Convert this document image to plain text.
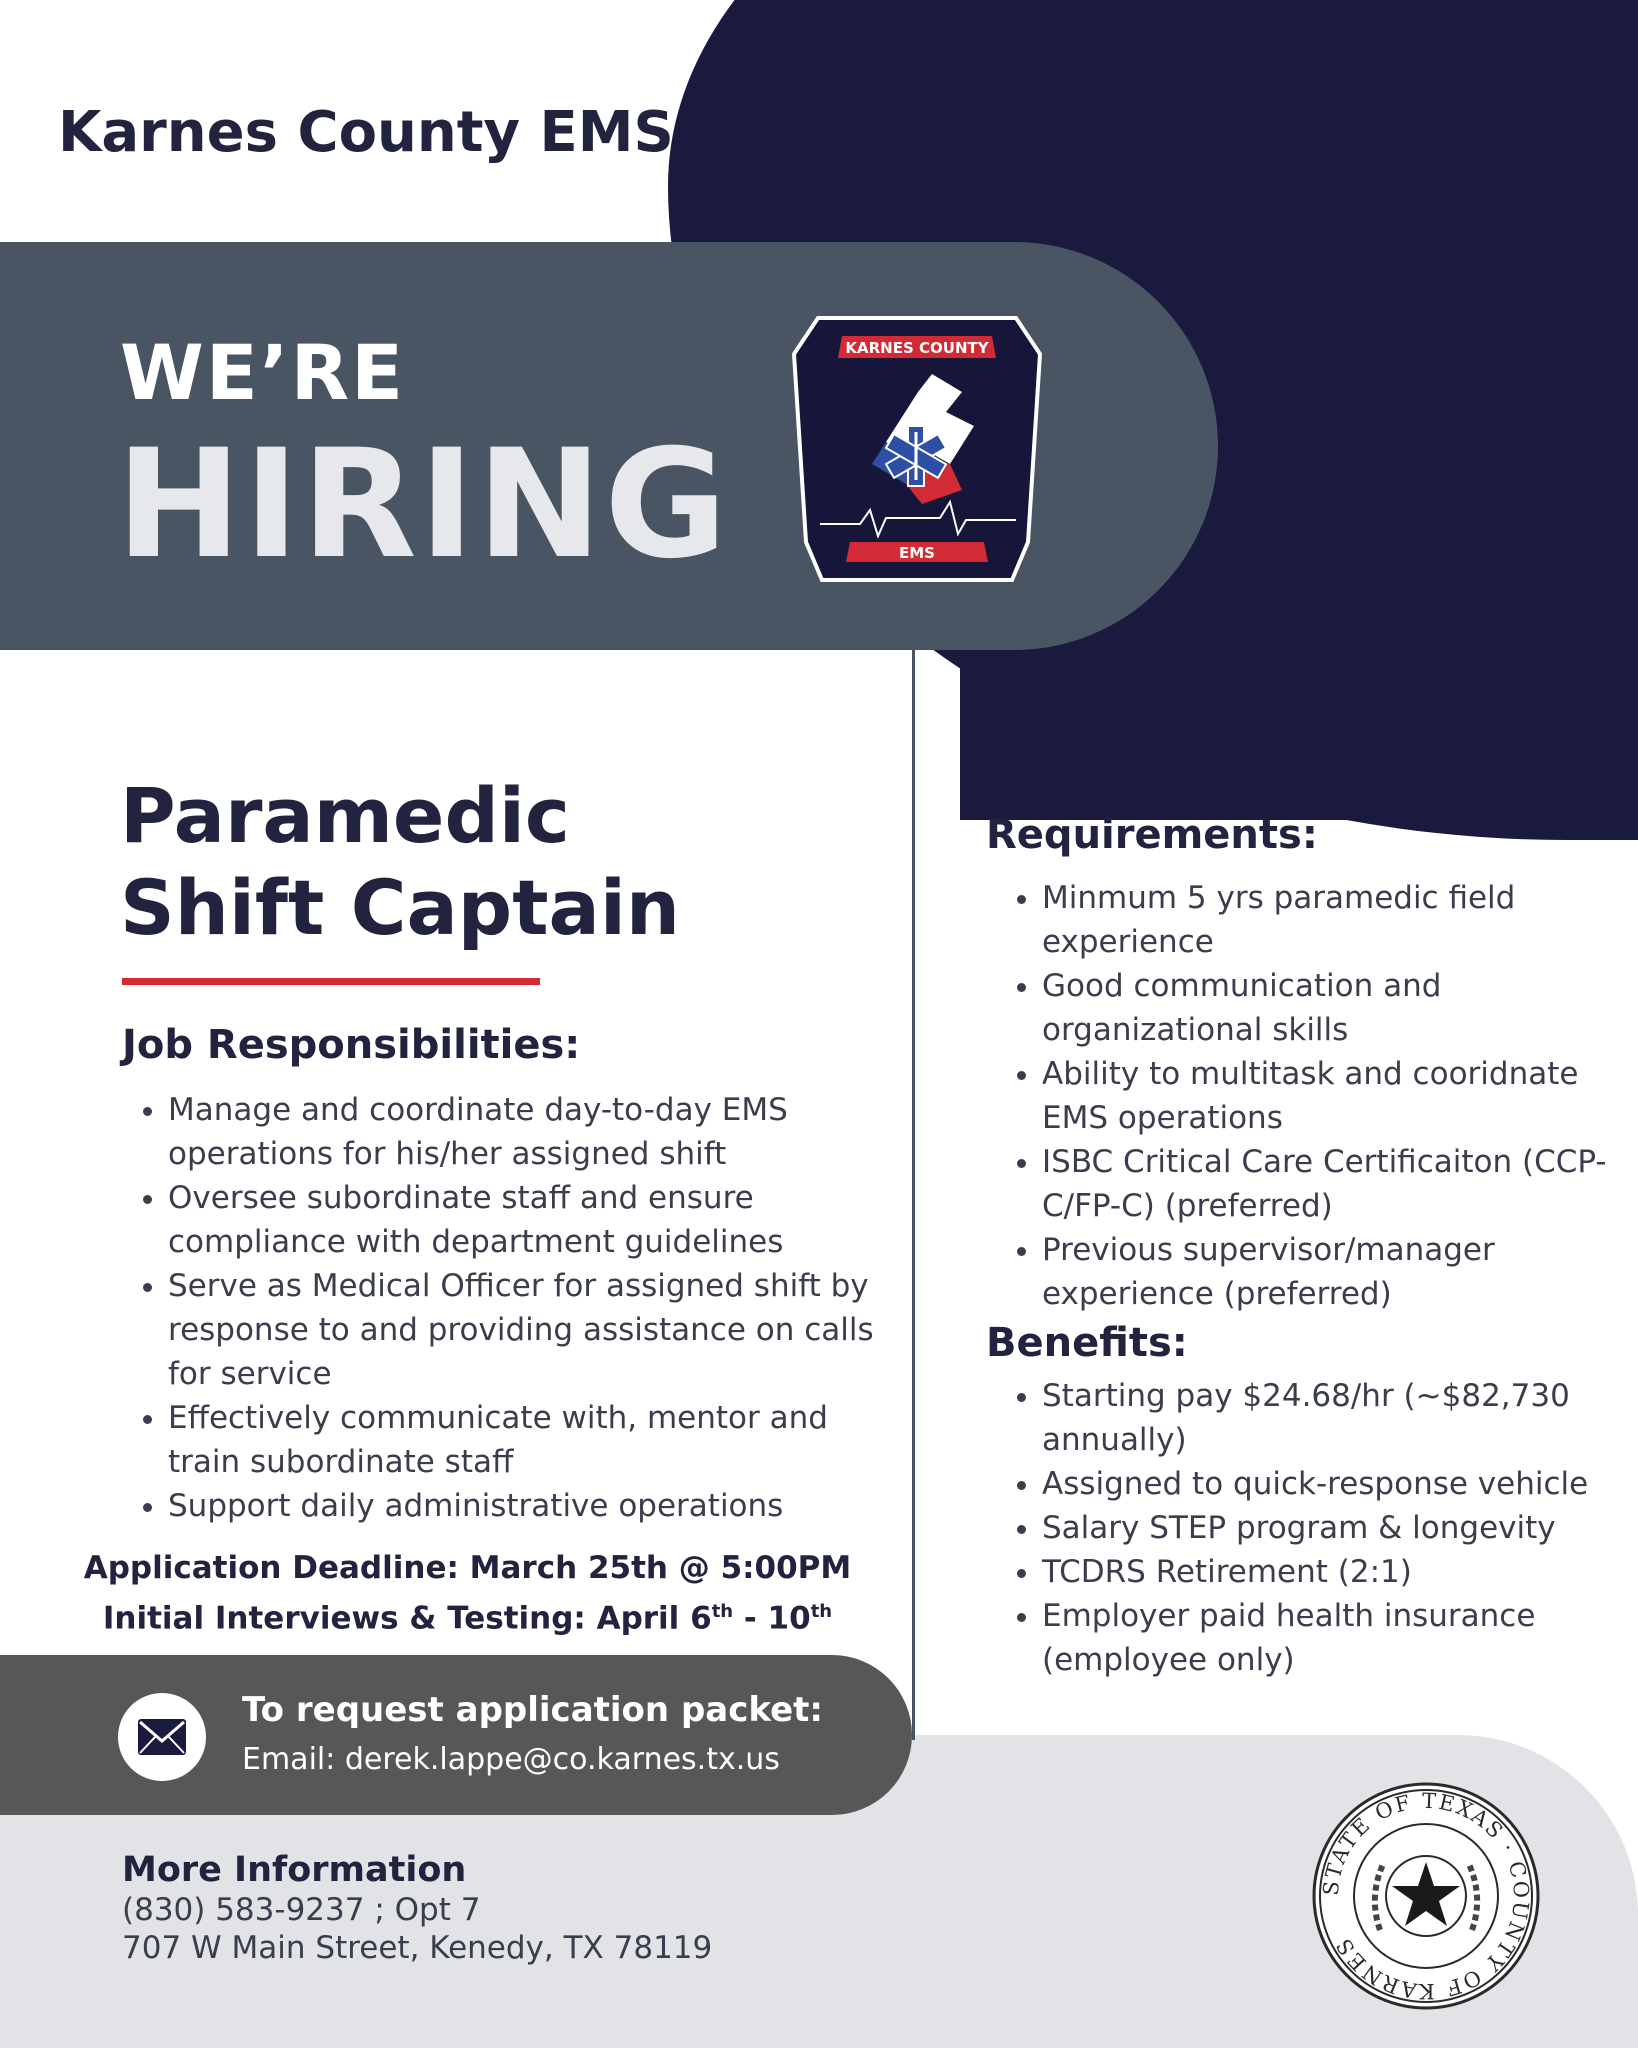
Karnes County EMS
WE’RE
HIRING
KARNES COUNTY
EMS
Paramedic
Shift Captain
Job Responsibilities:
• Manage and coordinate day-to-day EMS operations for his/her assigned shift
• Oversee subordinate staff and ensure compliance with department guidelines
• Serve as Medical Officer for assigned shift by response to and providing assistance on calls for service
• Effectively communicate with, mentor and train subordinate staff
• Support daily administrative operations
Application Deadline: March 25th @ 5:00PM
Initial Interviews & Testing: April 6th - 10th
Requirements:
• Minmum 5 yrs paramedic field experience
• Good communication and organizational skills
• Ability to multitask and cooridnate EMS operations
• ISBC Critical Care Certificaiton (CCP-C/FP-C) (preferred)
• Previous supervisor/manager experience (preferred)
Benefits:
• Starting pay $24.68/hr (~$82,730 annually)
• Assigned to quick-response vehicle
• Salary STEP program & longevity
• TCDRS Retirement (2:1)
• Employer paid health insurance (employee only)
To request application packet:
Email: derek.lappe@co.karnes.tx.us
More Information
(830) 583-9237 ; Opt 7
707 W Main Street, Kenedy, TX 78119
STATE OF TEXAS · COUNTY OF KARNES
